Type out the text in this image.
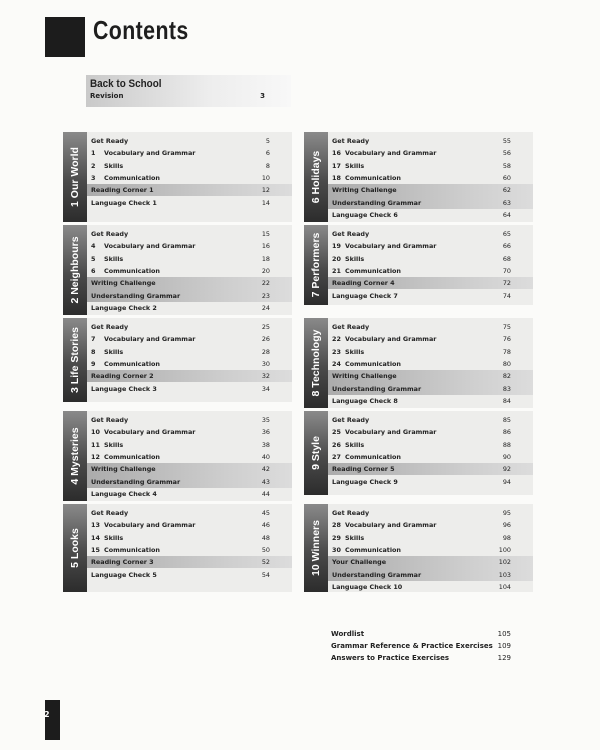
Contents
Back to School
Revision	3
1 Our World
Get Ready	5
1	Vocabulary and Grammar	6
2	Skills	8
3	Communication	10
Reading Corner 1	12
Language Check 1	14
2 Neighbours
Get Ready	15
4	Vocabulary and Grammar	16
5	Skills	18
6	Communication	20
Writing Challenge	22
Understanding Grammar	23
Language Check 2	24
3 Life Stories Get Ready	25
7	Vocabulary and Grammar	26
8	Skills	28
9	Communication	30
Reading Corner 2	32
Language Check 3	34
4 Mysteries
Get Ready	35
10 Vocabulary and Grammar	36
11 Skills	38
12 Communication	40
Writing Challenge	42
Understanding Grammar	43
Language Check 4	44
5 Looks
Get Ready	45
13 Vocabulary and Grammar	46
14 Skills	48
15 Communication	50
Reading Corner 3	52
Language Check 5	54
6 Holidays
Get Ready	55
16 Vocabulary and Grammar	56
17 Skills	58
18 Communication	60
Writing Challenge	62
Understanding Grammar	63
Language Check 6	64
7 Performers Get Ready	65
19 Vocabulary and Grammar	66
20 Skills	68
21 Communication	70
Reading Corner 4	72
Language Check 7	74
8 Technology
Get Ready	75
22 Vocabulary and Grammar	76
23 Skills	78
24 Communication	80
Writing Challenge	82
Understanding Grammar	83
Language Check 8	84
9 Style
Get Ready	85
25 Vocabulary and Grammar	86
26 Skills	88
27 Communication	90
Reading Corner 5	92
Language Check 9	94
10 Winners
Get Ready	95
28 Vocabulary and Grammar	96
29 Skills	98
30 Communication	100
Your Challenge	102
Understanding Grammar	103
Language Check 10	104
Wordlist	105
Grammar Reference & Practice Exercises 109
Answers to Practice Exercises	129
2
